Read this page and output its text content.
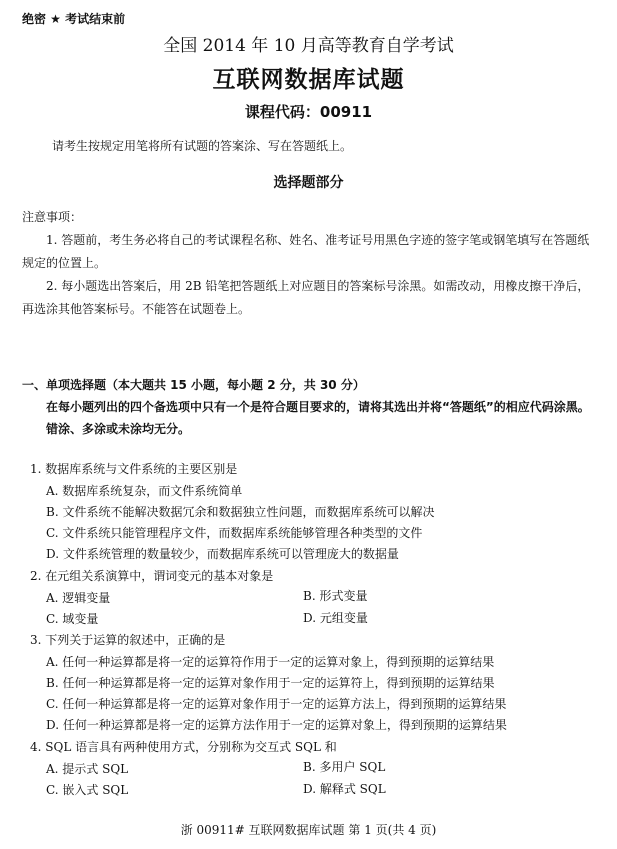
绝密 ★ 考试结束前
全国 2014 年 10 月高等教育自学考试
互联网数据库试题
课程代码：00911
请考生按规定用笔将所有试题的答案涂、写在答题纸上。
选择题部分
注意事项：
1. 答题前，考生务必将自己的考试课程名称、姓名、准考证号用黑色字迹的签字笔或钢笔填写在答题纸规定的位置上。
2. 每小题选出答案后，用 2B 铅笔把答题纸上对应题目的答案标号涂黑。如需改动，用橡皮擦干净后，再选涂其他答案标号。不能答在试题卷上。
一、单项选择题（本大题共 15 小题，每小题 2 分，共 30 分）
在每小题列出的四个备选项中只有一个是符合题目要求的，请将其选出并将“答题纸”的相应代码涂黑。错涂、多涂或未涂均无分。
1. 数据库系统与文件系统的主要区别是
A. 数据库系统复杂，而文件系统简单
B. 文件系统不能解决数据冗余和数据独立性问题，而数据库系统可以解决
C. 文件系统只能管理程序文件，而数据库系统能够管理各种类型的文件
D. 文件系统管理的数量较少，而数据库系统可以管理庞大的数据量
2. 在元组关系演算中，谓词变元的基本对象是
A. 逻辑变量	B. 形式变量
C. 域变量	D. 元组变量
3. 下列关于运算的叙述中，正确的是
A. 任何一种运算都是将一定的运算符作用于一定的运算对象上，得到预期的运算结果
B. 任何一种运算都是将一定的运算对象作用于一定的运算符上，得到预期的运算结果
C. 任何一种运算都是将一定的运算对象作用于一定的运算方法上，得到预期的运算结果
D. 任何一种运算都是将一定的运算方法作用于一定的运算对象上，得到预期的运算结果
4. SQL 语言具有两种使用方式，分别称为交互式 SQL 和
A. 提示式 SQL	B. 多用户 SQL
C. 嵌入式 SQL	D. 解释式 SQL
浙 00911# 互联网数据库试题 第 1 页(共 4 页)
